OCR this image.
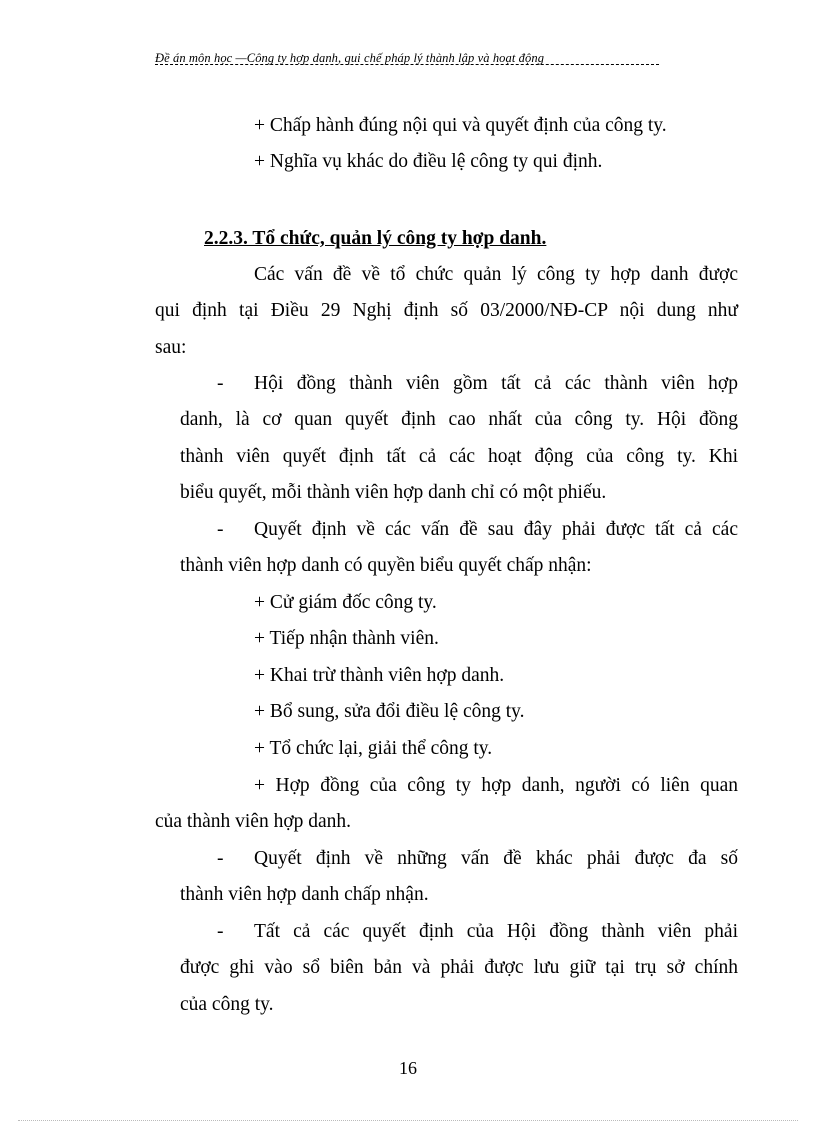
Đề án môn học —Công ty hợp danh, qui chế pháp lý thành lập và hoạt động
+ Chấp hành đúng nội qui và quyết định của công ty.
+ Nghĩa vụ khác do điều lệ công ty qui định.
2.2.3. Tổ chức, quản lý công ty hợp danh.
Các vấn đề về tổ chức quản lý công ty hợp danh được
qui định tại Điều 29 Nghị định số 03/2000/NĐ-CP nội dung như
sau:
- Hội đồng thành viên gồm tất cả các thành viên hợp
danh, là cơ quan quyết định cao nhất của công ty. Hội đồng
thành viên quyết định tất cả các hoạt động của công ty. Khi
biểu quyết, mỗi thành viên hợp danh chỉ có một phiếu.
- Quyết định về các vấn đề sau đây phải được tất cả các
thành viên hợp danh có quyền biểu quyết chấp nhận:
+ Cử giám đốc công ty.
+ Tiếp nhận thành viên.
+ Khai trừ thành viên hợp danh.
+ Bổ sung, sửa đổi điều lệ công ty.
+ Tổ chức lại, giải thể công ty.
+ Hợp đồng của công ty hợp danh, người có liên quan
của thành viên hợp danh.
- Quyết định về những vấn đề khác phải được đa số
thành viên hợp danh chấp nhận.
- Tất cả các quyết định của Hội đồng thành viên phải
được ghi vào sổ biên bản và phải được lưu giữ tại trụ sở chính
của công ty.
16
